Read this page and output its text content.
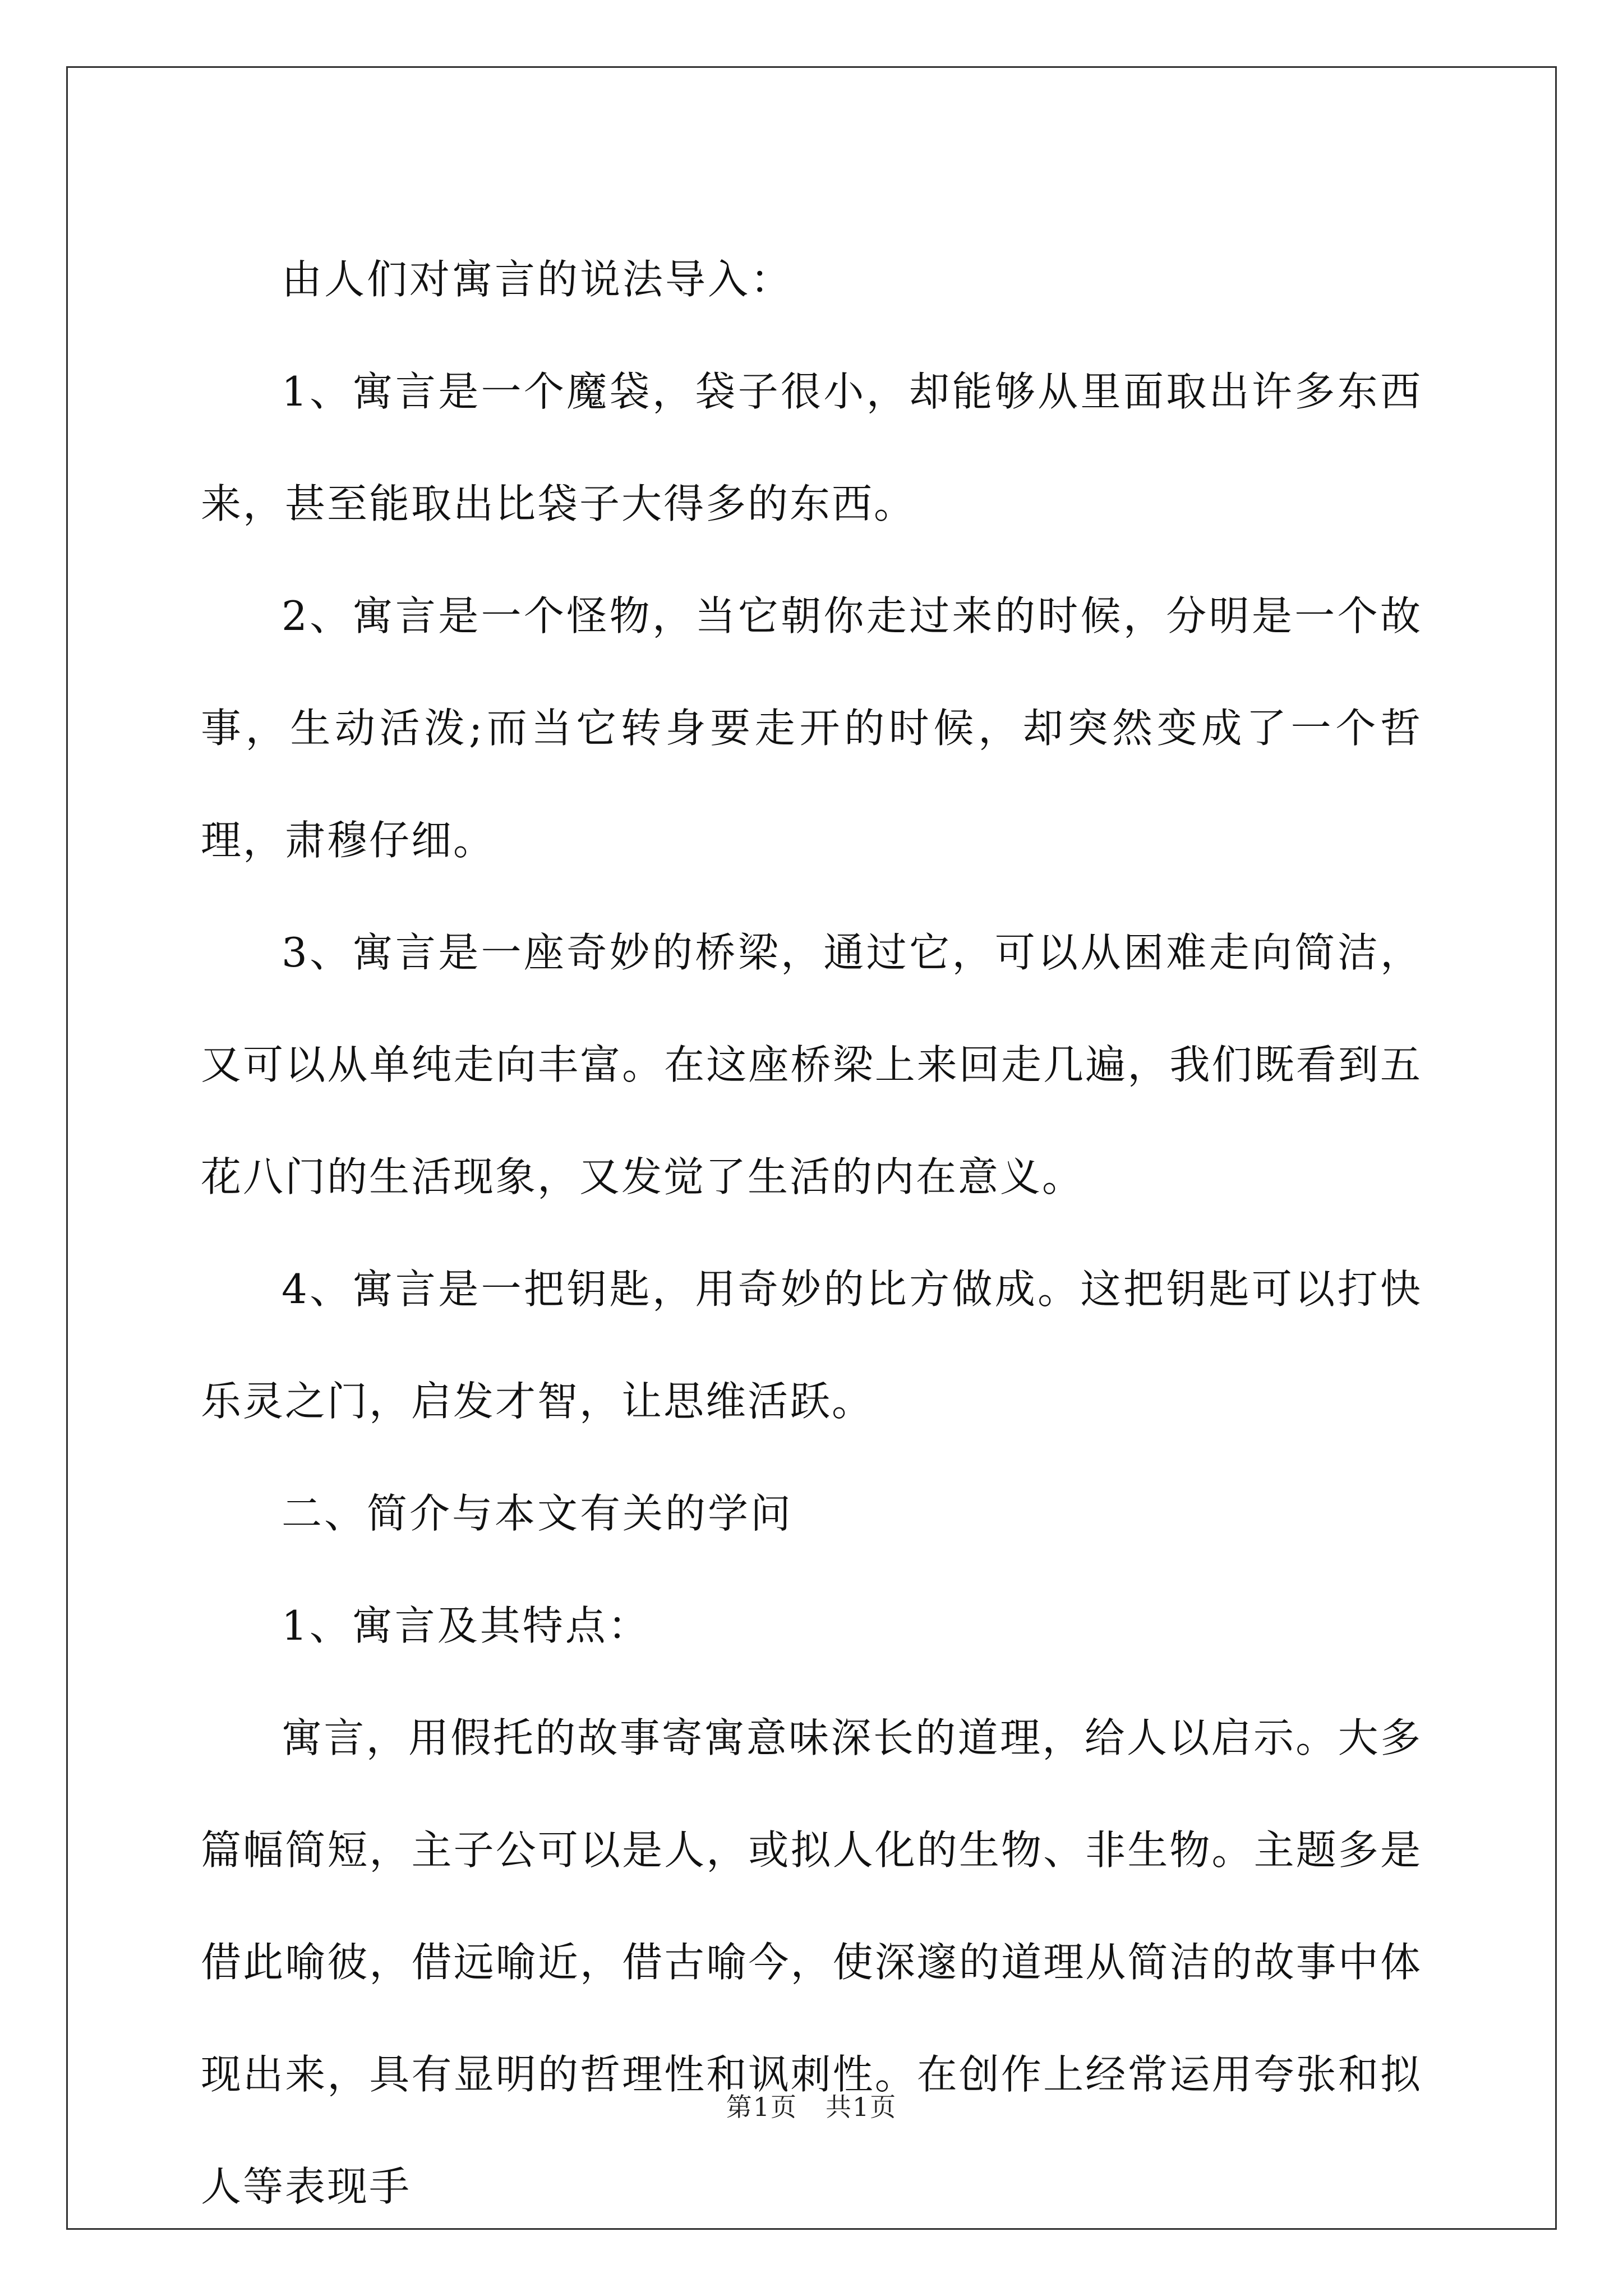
由人们对寓言的说法导入：

1、寓言是一个魔袋，袋子很小，却能够从里面取出许多东西来，甚至能取出比袋子大得多的东西。

2、寓言是一个怪物，当它朝你走过来的时候，分明是一个故事，生动活泼;而当它转身要走开的时候，却突然变成了一个哲理，肃穆仔细。

3、寓言是一座奇妙的桥梁，通过它，可以从困难走向简洁，又可以从单纯走向丰富。在这座桥梁上来回走几遍，我们既看到五花八门的生活现象，又发觉了生活的内在意义。

4、寓言是一把钥匙，用奇妙的比方做成。这把钥匙可以打快乐灵之门，启发才智，让思维活跃。

二、简介与本文有关的学问

1、寓言及其特点：

寓言，用假托的故事寄寓意味深长的道理，给人以启示。大多篇幅简短，主子公可以是人，或拟人化的生物、非生物。主题多是借此喻彼，借远喻近，借古喻今，使深邃的道理从简洁的故事中体现出来，具有显明的哲理性和讽刺性。在创作上经常运用夸张和拟人等表现手

第1页 共1页
